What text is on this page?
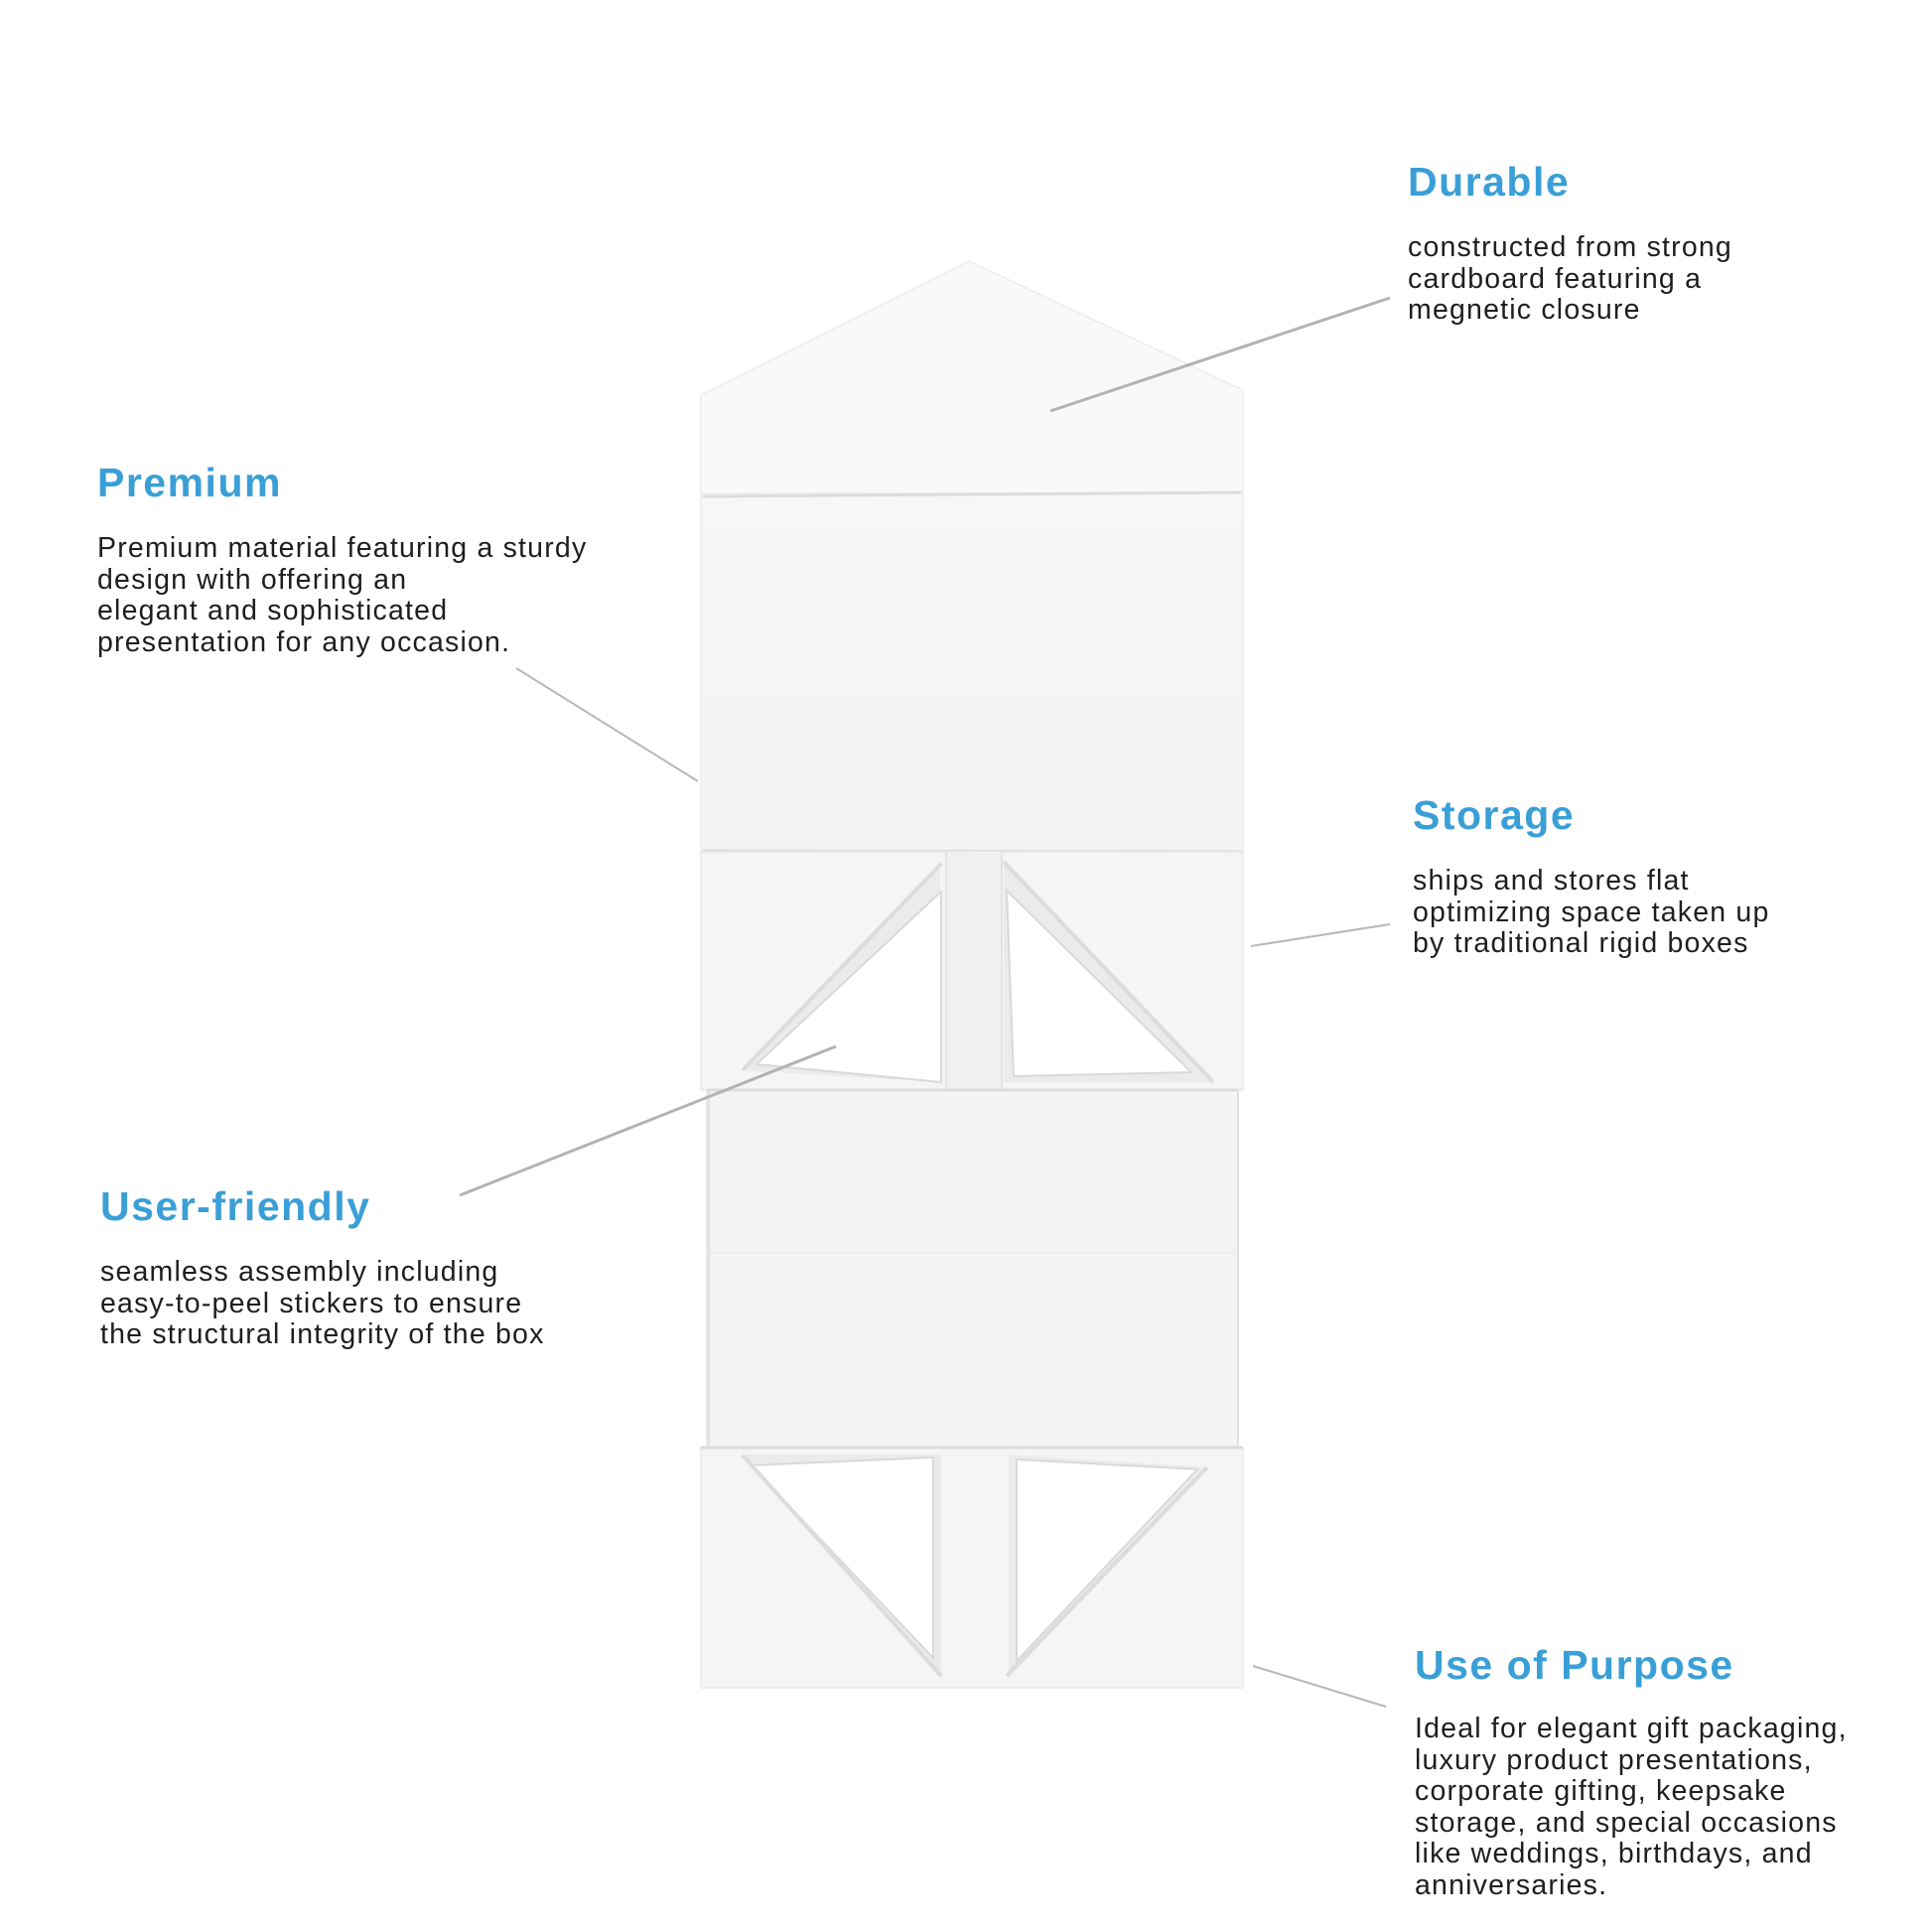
Durable

constructed from strong
cardboard featuring a
megnetic closure

Premium

Premium material featuring a sturdy
design with offering an
elegant and sophisticated
presentation for any occasion.

Storage

ships and stores flat
optimizing space taken up
by traditional rigid boxes

User-friendly

seamless assembly including
easy-to-peel stickers to ensure
the structural integrity of the box

Use of Purpose

Ideal for elegant gift packaging,
luxury product presentations,
corporate gifting, keepsake
storage, and special occasions
like weddings, birthdays, and
anniversaries.
